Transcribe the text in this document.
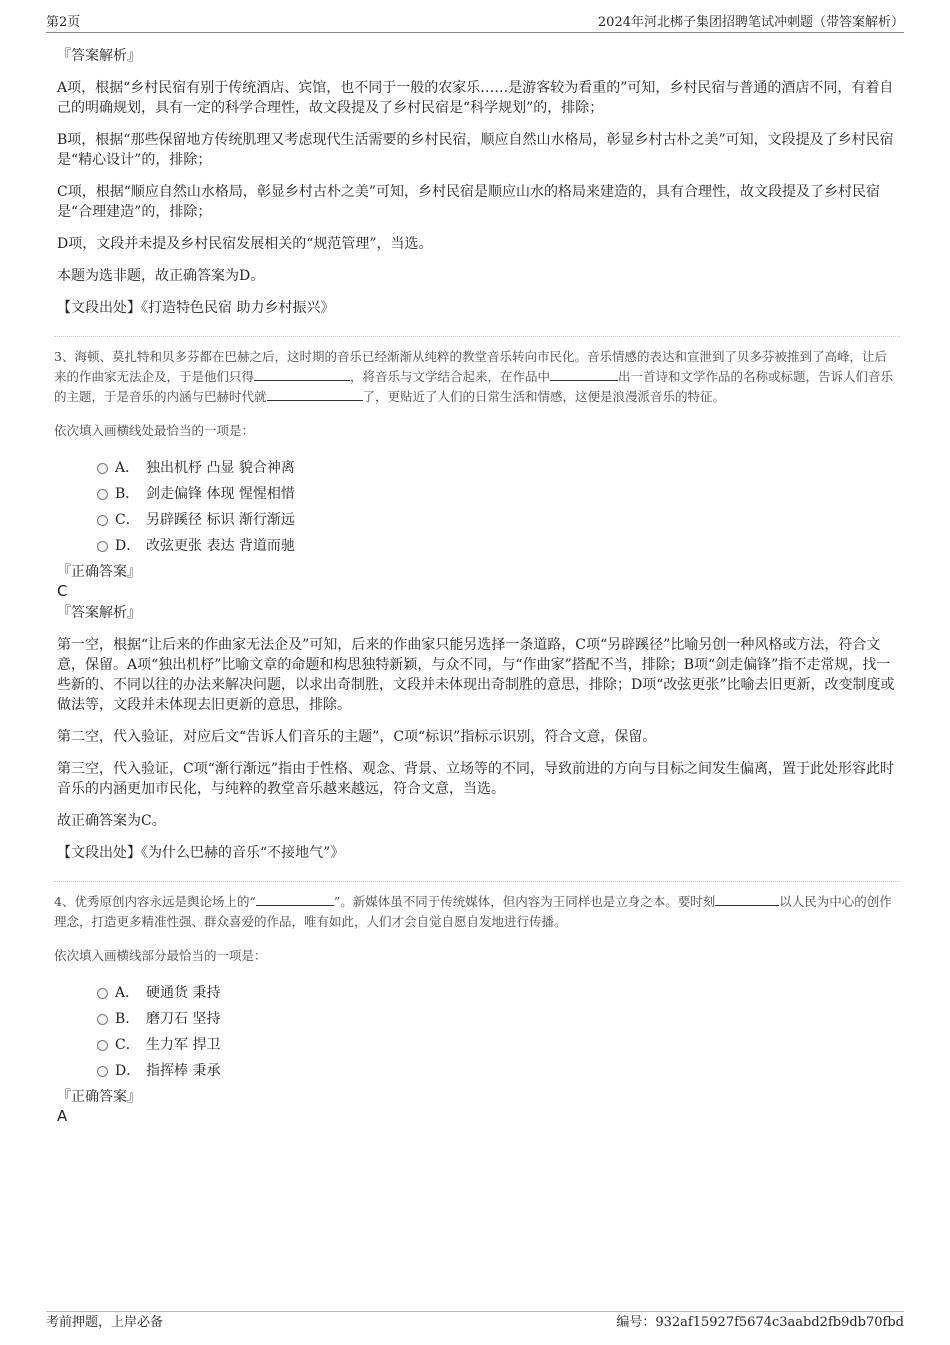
第2页	2024年河北梆子集团招聘笔试冲刺题（带答案解析）

『答案解析』

A项，根据“乡村民宿有别于传统酒店、宾馆，也不同于一般的农家乐……是游客较为看重的”可知，乡村民宿与普通的酒店不同，有着自己的明确规划，具有一定的科学合理性，故文段提及了乡村民宿是“科学规划”的，排除；

B项，根据“那些保留地方传统肌理又考虑现代生活需要的乡村民宿，顺应自然山水格局，彰显乡村古朴之美”可知，文段提及了乡村民宿是“精心设计”的，排除；

C项，根据“顺应自然山水格局，彰显乡村古朴之美”可知，乡村民宿是顺应山水的格局来建造的，具有合理性，故文段提及了乡村民宿是“合理建造”的，排除；

D项，文段并未提及乡村民宿发展相关的“规范管理”，当选。

本题为选非题，故正确答案为D。

【文段出处】《打造特色民宿 助力乡村振兴》

3、海顿、莫扎特和贝多芬都在巴赫之后，这时期的音乐已经渐渐从纯粹的教堂音乐转向市民化。音乐情感的表达和宣泄到了贝多芬被推到了高峰，让后来的作曲家无法企及，于是他们只得	，将音乐与文学结合起来，在作品中	出一首诗和文学作品的名称或标题，告诉人们音乐的主题，于是音乐的内涵与巴赫时代就	了，更贴近了人们的日常生活和情感，这便是浪漫派音乐的特征。

依次填入画横线处最恰当的一项是：

A． 独出机杼 凸显 貌合神离
B． 剑走偏锋 体现 惺惺相惜
C． 另辟蹊径 标识 渐行渐远
D． 改弦更张 表达 背道而驰

『正确答案』

C

『答案解析』

第一空，根据“让后来的作曲家无法企及”可知，后来的作曲家只能另选择一条道路，C项“另辟蹊径”比喻另创一种风格或方法，符合文意，保留。A项“独出机杼”比喻文章的命题和构思独特新颖，与众不同，与“作曲家”搭配不当，排除；B项“剑走偏锋”指不走常规，找一些新的、不同以往的办法来解决问题，以求出奇制胜，文段并未体现出奇制胜的意思，排除；D项“改弦更张”比喻去旧更新，改变制度或做法等，文段并未体现去旧更新的意思，排除。

第二空，代入验证，对应后文“告诉人们音乐的主题”，C项“标识”指标示识别，符合文意，保留。

第三空，代入验证，C项“渐行渐远”指由于性格、观念、背景、立场等的不同，导致前进的方向与目标之间发生偏离，置于此处形容此时音乐的内涵更加市民化，与纯粹的教堂音乐越来越远，符合文意，当选。

故正确答案为C。

【文段出处】《为什么巴赫的音乐“不接地气”》

4、优秀原创内容永远是舆论场上的“	”。新媒体虽不同于传统媒体，但内容为王同样也是立身之本。要时刻	以人民为中心的创作理念，打造更多精准性强、群众喜爱的作品，唯有如此，人们才会自觉自愿自发地进行传播。

依次填入画横线部分最恰当的一项是：

A． 硬通货 秉持
B． 磨刀石 坚持
C． 生力军 捍卫
D． 指挥棒 秉承

『正确答案』

A

考前押题，上岸必备	编号：932af15927f5674c3aabd2fb9db70fbd
